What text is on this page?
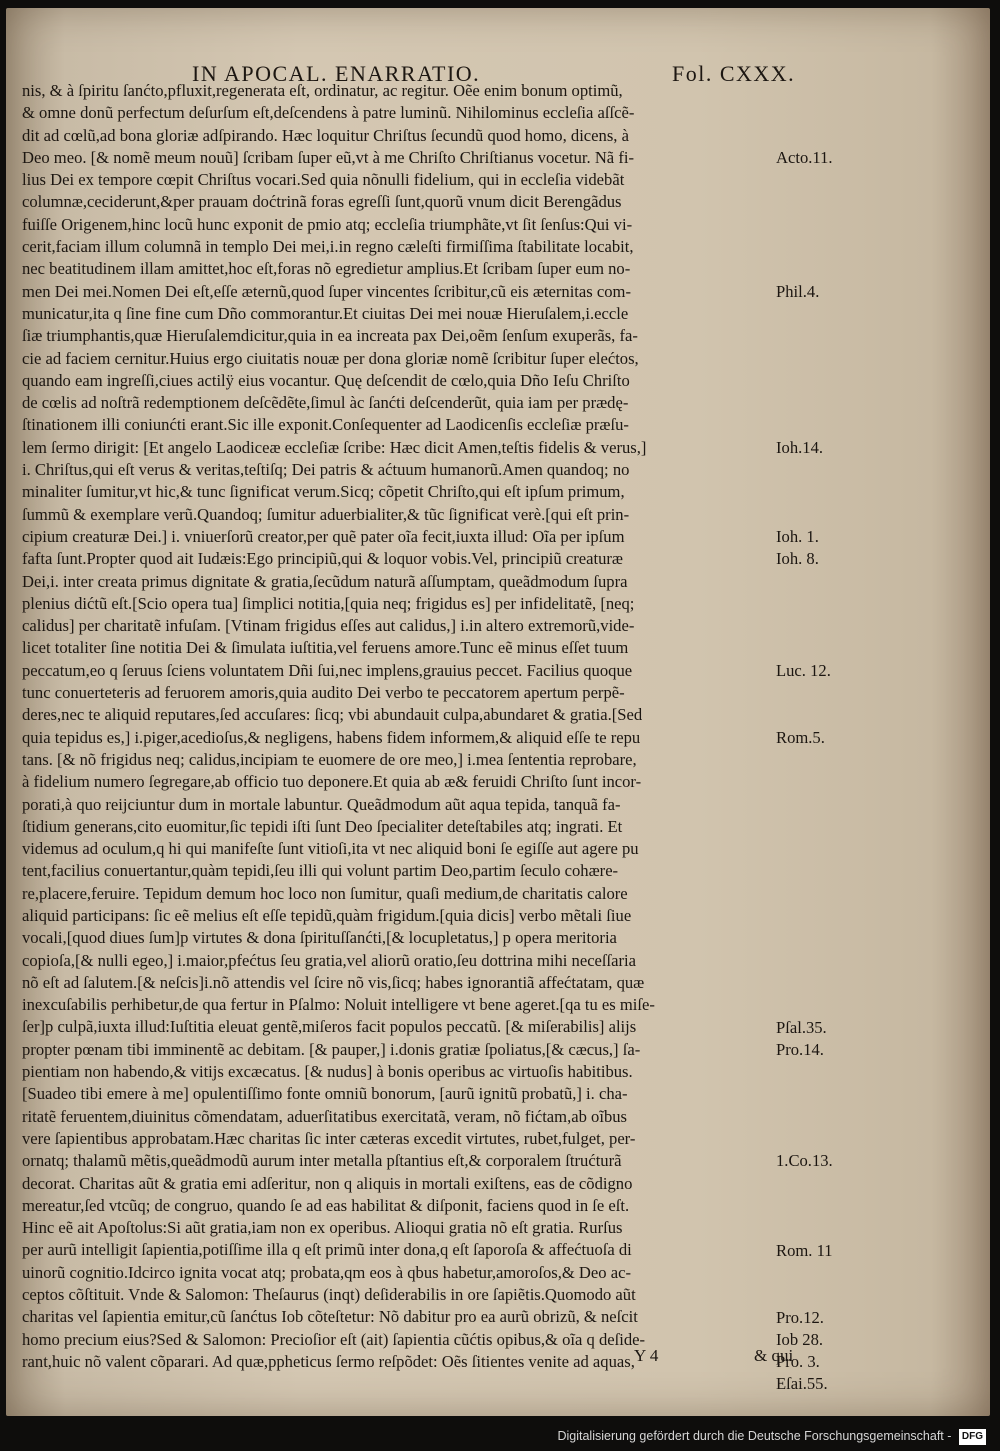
IN APOCAL. ENARRATIO.	Fol. CXXX.
nis, & à ſpiritu ſanćto,pfluxit,regenerata eſt, ordinatur, ac regitur. Oẽe enim bonum optimũ,
& omne donũ perfectum deſurſum eſt,deſcendens à patre luminũ. Nihilominus eccleſia aſſcẽ-
dit ad cœlũ,ad bona gloriæ adſpirando. Hæc loquitur Chriſtus ſecundũ quod homo, dicens, à
Deo meo. [& nomẽ meum nouũ] ſcribam ſuper eũ,vt à me Chriſto Chriſtianus vocetur. Nã fi-
lius Dei ex tempore cœpit Chriſtus vocari.Sed quia nõnulli fidelium, qui in eccleſia videbãt
columnæ,ceciderunt,&per prauam doćtrinã foras egreſſi ſunt,quorũ vnum dicit Berengãdus
fuiſſe Origenem,hinc locũ hunc exponit de pmio atq; eccleſia triumphãte,vt ſit ſenſus:Qui vi-
cerit,faciam illum columnã in templo Dei mei,i.in regno cæleſti firmiſſima ſtabilitate locabit,
nec beatitudinem illam amittet,hoc eſt,foras nõ egredietur amplius.Et ſcribam ſuper eum no-
men Dei mei.Nomen Dei eſt,eſſe æternũ,quod ſuper vincentes ſcribitur,cũ eis æternitas com-
municatur,ita q ſine fine cum Dño commorantur.Et ciuitas Dei mei nouæ Hieruſalem,i.eccle
ſiæ triumphantis,quæ Hieruſalemdicitur,quia in ea increata pax Dei,oẽm ſenſum exuperãs, fa-
cie ad faciem cernitur.Huius ergo ciuitatis nouæ per dona gloriæ nomẽ ſcribitur ſuper elećtos,
quando eam ingreſſi,ciues actilÿ eius vocantur. Quę deſcendit de cœlo,quia Dño Ieſu Chriſto
de cœlis ad noſtrã redemptionem deſcẽdẽte,ſimul àc ſanćti deſcenderũt, quia iam per prædę-
ſtinationem illi coniunćti erant.Sic ille exponit.Conſequenter ad Laodicenſis eccleſiæ præſu-
lem ſermo dirigit: [Et angelo Laodiceæ eccleſiæ ſcribe: Hæc dicit Amen,teſtis fidelis & verus,]
i. Chriſtus,qui eſt verus & veritas,teſtiſq; Dei patris & aćtuum humanorũ.Amen quandoq; no
minaliter ſumitur,vt hic,& tunc ſignificat verum.Sicq; cõpetit Chriſto,qui eſt ipſum primum,
ſummũ & exemplare verũ.Quandoq; ſumitur aduerbialiter,& tũc ſignificat verè.[qui eſt prin-
cipium creaturæ Dei.] i. vniuerſorũ creator,per quẽ pater oĩa fecit,iuxta illud: Oĩa per ipſum
fafta ſunt.Propter quod ait Iudæis:Ego principiũ,qui & loquor vobis.Vel, principiũ creaturæ
Dei,i. inter creata primus dignitate & gratia,ſecũdum naturã aſſumptam, queãdmodum ſupra
plenius dićtũ eſt.[Scio opera tua] ſimplici notitia,[quia neq; frigidus es] per infidelitatẽ, [neq;
calidus] per charitatẽ infuſam. [Vtinam frigidus eſſes aut calidus,] i.in altero extremorũ,vide-
licet totaliter ſine notitia Dei & ſimulata iuſtitia,vel feruens amore.Tunc eẽ minus eſſet tuum
peccatum,eo q ſeruus ſciens voluntatem Dñi ſui,nec implens,grauius peccet. Facilius quoque
tunc conuerteteris ad feruorem amoris,quia audito Dei verbo te peccatorem apertum perpẽ-
deres,nec te aliquid reputares,ſed accuſares: ſicq; vbi abundauit culpa,abundaret & gratia.[Sed
quia tepidus es,] i.piger,acedioſus,& negligens, habens fidem informem,& aliquid eſſe te repu
tans. [& nõ frigidus neq; calidus,incipiam te euomere de ore meo,] i.mea ſententia reprobare,
à fidelium numero ſegregare,ab officio tuo deponere.Et quia ab æ& feruidi Chriſto ſunt incor-
porati,à quo reijciuntur dum in mortale labuntur. Queãdmodum aũt aqua tepida, tanquã fa-
ſtidium generans,cito euomitur,ſic tepidi iſti ſunt Deo ſpecialiter deteſtabiles atq; ingrati. Et
videmus ad oculum,q hi qui manifeſte ſunt vitioſi,ita vt nec aliquid boni ſe egiſſe aut agere pu
tent,facilius conuertantur,quàm tepidi,ſeu illi qui volunt partim Deo,partim ſeculo cohære-
re,placere,feruire. Tepidum demum hoc loco non ſumitur, quaſi medium,de charitatis calore
aliquid participans: ſic eẽ melius eſt eſſe tepidũ,quàm frigidum.[quia dicis] verbo mẽtali ſiue
vocali,[quod diues ſum]p virtutes & dona ſpirituſſanćti,[& locupletatus,] p opera meritoria
copioſa,[& nulli egeo,] i.maior,pfećtus ſeu gratia,vel aliorũ oratio,ſeu dottrina mihi neceſſaria
nõ eſt ad ſalutem.[& neſcis]i.nõ attendis vel ſcire nõ vis,ſicq; habes ignorantiã affećtatam, quæ
inexcuſabilis perhibetur,de qua fertur in Pſalmo: Noluit intelligere vt bene ageret.[qa tu es miſe-
ſer]p culpã,iuxta illud:Iuſtitia eleuat gentẽ,miſeros facit populos peccatũ. [& miſerabilis] alijs
propter pœnam tibi imminentẽ ac debitam. [& pauper,] i.donis gratiæ ſpoliatus,[& cæcus,] ſa-
pientiam non habendo,& vitijs excæcatus. [& nudus] à bonis operibus ac virtuoſis habitibus.
[Suadeo tibi emere à me] opulentiſſimo fonte omniũ bonorum, [aurũ ignitũ probatũ,] i. cha-
ritatẽ feruentem,diuinitus cõmendatam, aduerſitatibus exercitatã, veram, nõ fićtam,ab oĩbus
vere ſapientibus approbatam.Hæc charitas ſic inter cæteras excedit virtutes, rubet,fulget, per-
ornatq; thalamũ mẽtis,queãdmodũ aurum inter metalla pſtantius eſt,& corporalem ſtrućturã
decorat. Charitas aũt & gratia emi adſeritur, non q aliquis in mortali exiſtens, eas de cõdigno
mereatur,ſed vtcũq; de congruo, quando ſe ad eas habilitat & diſponit, faciens quod in ſe eſt.
Hinc eẽ ait Apoſtolus:Si aũt gratia,iam non ex operibus. Alioqui gratia nõ eſt gratia. Rurſus
per aurũ intelligit ſapientia,potiſſime illa q eſt primũ inter dona,q eſt ſaporoſa & affećtuoſa di
uinorũ cognitio.Idcirco ignita vocat atq; probata,qm eos à qbus habetur,amoroſos,& Deo ac-
ceptos cõſtituit. Vnde & Salomon: Theſaurus (inqt) deſiderabilis in ore ſapiẽtis.Quomodo aũt
charitas vel ſapientia emitur,cũ ſanćtus Iob cõteſtetur: Nõ dabitur pro ea aurũ obrizũ, & neſcit
homo precium eius?Sed & Salomon: Precioſior eſt (ait) ſapientia cũćtis opibus,& oĩa q deſide-
rant,huic nõ valent cõparari. Ad quæ,ppheticus ſermo reſpõdet: Oẽs ſitientes venite ad aquas,
Acto.11.
Phil.4.
Ioh.14.
Ioh. 1.
Ioh. 8.
Luc. 12.
Rom.5.
Pſal.35.
Pro.14.
1.Co.13.
Rom. 11
Pro.12.
Iob 28.
Pro. 3.
Eſai.55.
Y 4	& qui
Digitalisierung gefördert durch die Deutsche Forschungsgemeinschaft - DFG
